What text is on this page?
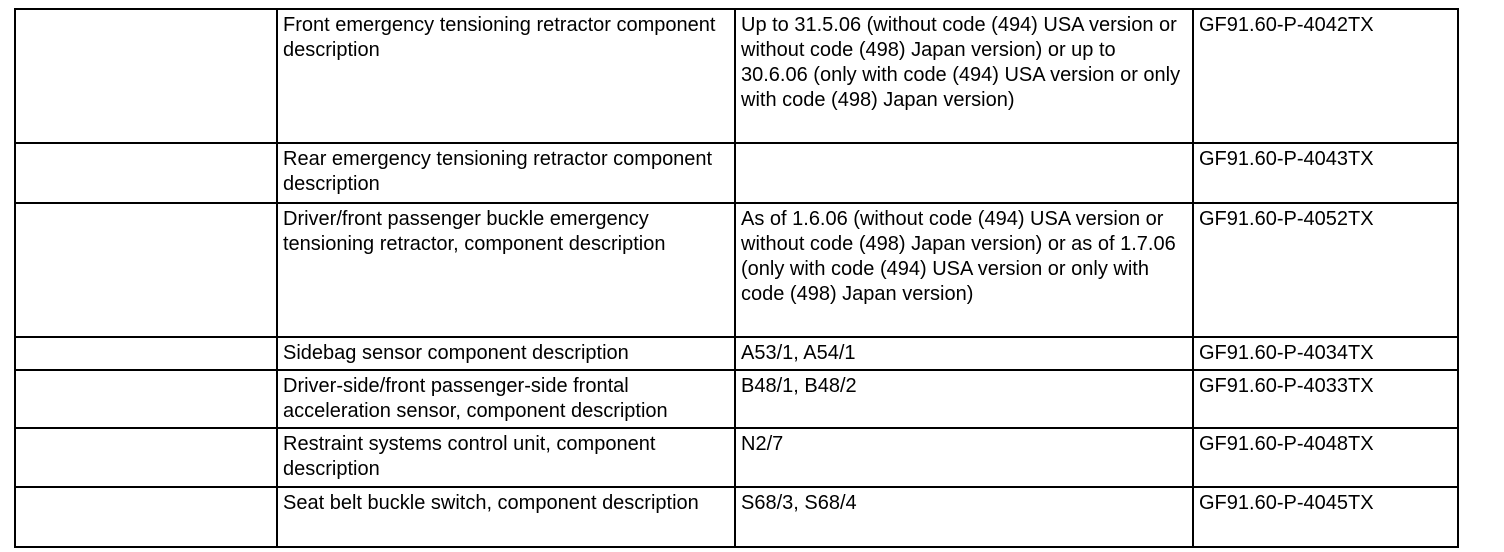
	Front emergency tensioning retractor component description	Up to 31.5.06 (without code (494) USA version or without code (498) Japan version) or up to 30.6.06 (only with code (494) USA version or only with code (498) Japan version)	GF91.60-P-4042TX
	Rear emergency tensioning retractor component description		GF91.60-P-4043TX
	Driver/front passenger buckle emergency tensioning retractor, component description	As of 1.6.06 (without code (494) USA version or without code (498) Japan version) or as of 1.7.06 (only with code (494) USA version or only with code (498) Japan version)	GF91.60-P-4052TX
	Sidebag sensor component description	A53/1, A54/1	GF91.60-P-4034TX
	Driver-side/front passenger-side frontal acceleration sensor, component description	B48/1, B48/2	GF91.60-P-4033TX
	Restraint systems control unit, component description	N2/7	GF91.60-P-4048TX
	Seat belt buckle switch, component description	S68/3, S68/4	GF91.60-P-4045TX
